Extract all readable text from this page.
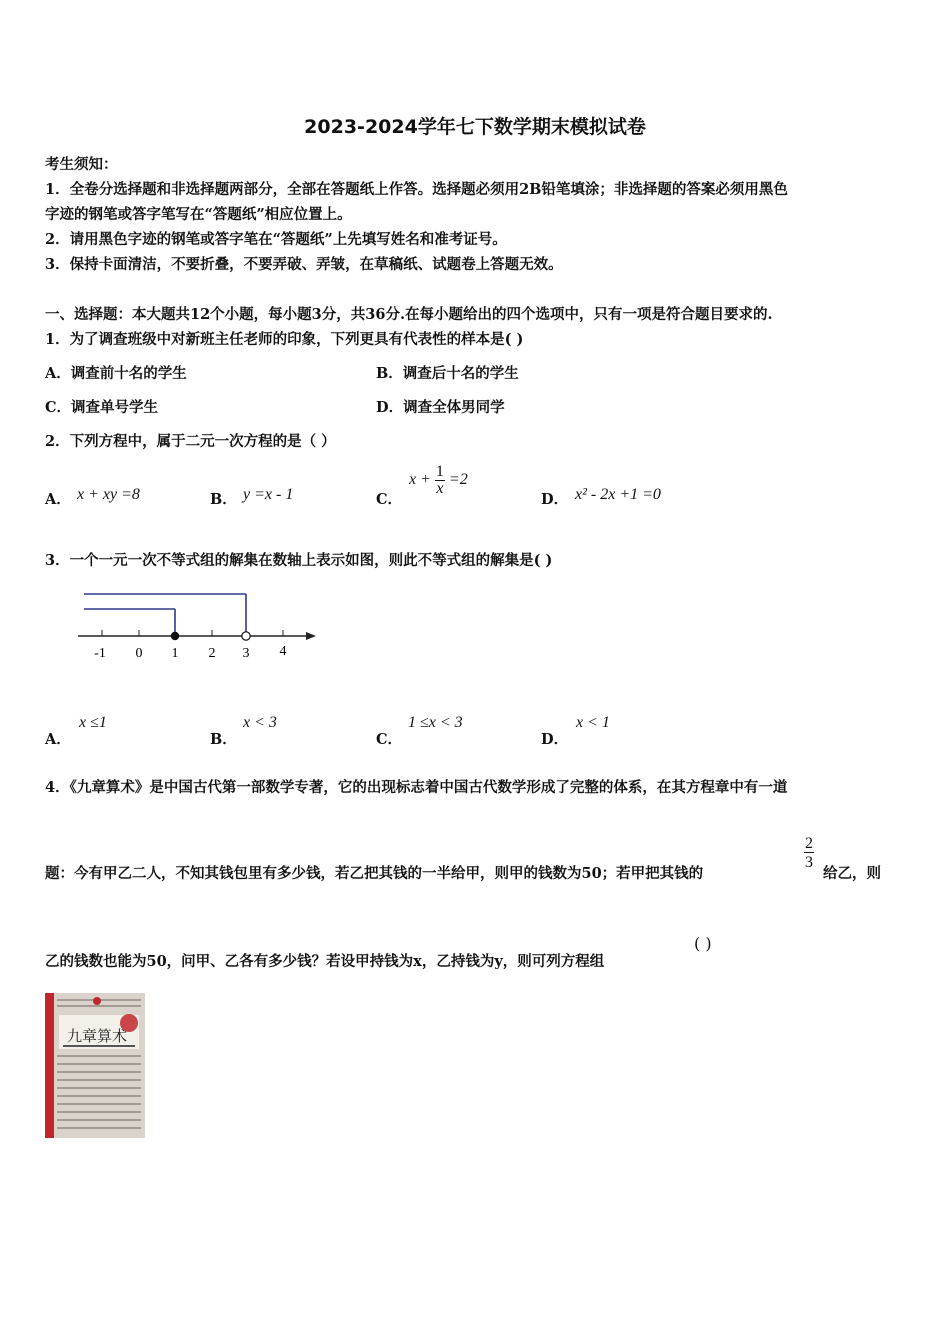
2023-2024学年七下数学期末模拟试卷
考生须知：
1．全卷分选择题和非选择题两部分，全部在答题纸上作答。选择题必须用2B铅笔填涂；非选择题的答案必须用黑色
字迹的钢笔或答字笔写在“答题纸”相应位置上。
2．请用黑色字迹的钢笔或答字笔在“答题纸”上先填写姓名和准考证号。
3．保持卡面清洁，不要折叠，不要弄破、弄皱，在草稿纸、试题卷上答题无效。
一、选择题：本大题共12个小题，每小题3分，共36分.在每小题给出的四个选项中，只有一项是符合题目要求的.
1．为了调查班级中对新班主任老师的印象，下列更具有代表性的样本是( )
A．调查前十名的学生	B．调查后十名的学生
C．调查单号学生	D．调查全体男同学
2．下列方程中，属于二元一次方程的是（ ）
A． x + xy =8	B． y =x - 1	C．
$x + \frac{1}{x} =2$
D． x² - 2x +1 =0
3．一个一元一次不等式组的解集在数轴上表示如图，则此不等式组的解集是( )
-1 0 1 2 3 4
A．
x ≤1
B．
x < 3
C．
1 ≤x < 3
D．
x < 1
4．《九章算术》是中国古代第一部数学专著，它的出现标志着中国古代数学形成了完整的体系，在其方程章中有一道
题：今有甲乙二人，不知其钱包里有多少钱，若乙把其钱的一半给甲，则甲的钱数为50；若甲把其钱的
$\frac{2}{3}$
给乙，则
乙的钱数也能为50，问甲、乙各有多少钱？若设甲持钱为x，乙持钱为y，则可列方程组
( )
九章算术
